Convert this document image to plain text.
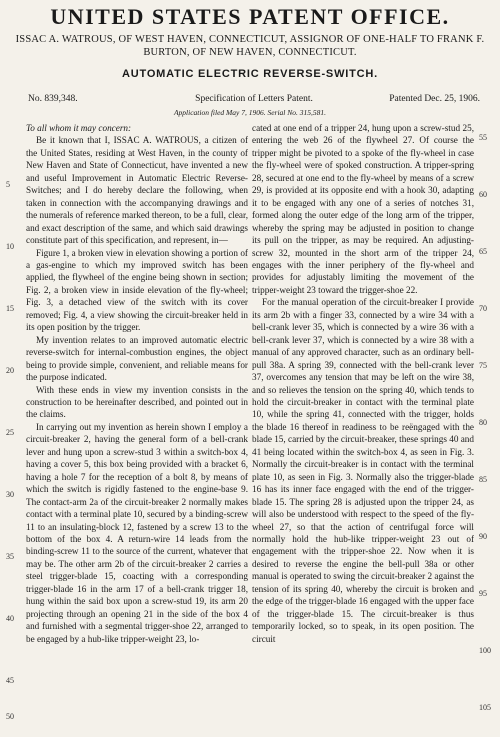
UNITED STATES PATENT OFFICE.
ISSAC A. WATROUS, OF WEST HAVEN, CONNECTICUT, ASSIGNOR OF ONE-HALF TO FRANK F. BURTON, OF NEW HAVEN, CONNECTICUT.
AUTOMATIC ELECTRIC REVERSE-SWITCH.
No. 839,348.	Specification of Letters Patent.	Patented Dec. 25, 1906.
Application filed May 7, 1906. Serial No. 315,581.

To all whom it may concern:

Be it known that I, ISSAC A. WATROUS, a citizen of the United States, residing at West Haven, in the county of New Haven and State of Connecticut, have invented a new and useful Improvement in Automatic Electric Reverse-Switches; and I do hereby declare the following, when taken in connection with the accompanying drawings and the numerals of reference marked thereon, to be a full, clear, and exact description of the same, and which said drawings constitute part of this specification, and represent, in—

Figure 1, a broken view in elevation showing a portion of a gas-engine to which my improved switch has been applied, the flywheel of the engine being shown in section; Fig. 2, a broken view in inside elevation of the fly-wheel; Fig. 3, a detached view of the switch with its cover removed; Fig. 4, a view showing the circuit-breaker held in its open position by the trigger.

My invention relates to an improved automatic electric reverse-switch for internal-combustion engines, the object being to provide simple, convenient, and reliable means for the purpose indicated.

With these ends in view my invention consists in the construction to be hereinafter described, and pointed out in the claims.

In carrying out my invention as herein shown I employ a circuit-breaker 2, having the general form of a bell-crank lever and hung upon a screw-stud 3 within a switch-box 4, having a cover 5, this box being provided with a bracket 6, having a hole 7 for the reception of a bolt 8, by means of which the switch is rigidly fastened to the engine-base 9. The contact-arm 2a of the circuit-breaker 2 normally makes contact with a terminal plate 10, secured by a binding-screw 11 to an insulating-block 12, fastened by a screw 13 to the bottom of the box 4. A return-wire 14 leads from the binding-screw 11 to the source of the current, whatever that may be. The other arm 2b of the circuit-breaker 2 carries a steel trigger-blade 15, coacting with a corresponding trigger-blade 16 in the arm 17 of a bell-crank trigger 18, hung within the said box upon a screw-stud 19, its arm 20 projecting through an opening 21 in the side of the box 4 and furnished with a segmental trigger-shoe 22, arranged to be engaged by a hub-like tripper-weight 23, lo-

cated at one end of a tripper 24, hung upon a screw-stud 25, entering the web 26 of the flywheel 27. Of course the tripper might be pivoted to a spoke of the fly-wheel in case the fly-wheel were of spoked construction. A tripper-spring 28, secured at one end to the fly-wheel by means of a screw 29, is provided at its opposite end with a hook 30, adapting it to be engaged with any one of a series of notches 31, formed along the outer edge of the long arm of the tripper, whereby the spring may be adjusted in position to change its pull on the tripper, as may be required. An adjusting-screw 32, mounted in the short arm of the tripper 24, engages with the inner periphery of the fly-wheel and provides for adjustably limiting the movement of the tripper-weight 23 toward the trigger-shoe 22.

For the manual operation of the circuit-breaker I provide its arm 2b with a finger 33, connected by a wire 34 with a bell-crank lever 35, which is connected by a wire 36 with a bell-crank lever 37, which is connected by a wire 38 with a manual of any approved character, such as an ordinary bell-pull 38a. A spring 39, connected with the bell-crank lever 37, overcomes any tension that may be left on the wire 38, and so relieves the tension on the spring 40, which tends to hold the circuit-breaker in contact with the terminal plate 10, while the spring 41, connected with the trigger, holds the blade 16 thereof in readiness to be reëngaged with the blade 15, carried by the circuit-breaker, these springs 40 and 41 being located within the switch-box 4, as seen in Fig. 3. Normally the circuit-breaker is in contact with the terminal plate 10, as seen in Fig. 3. Normally also the trigger-blade 16 has its inner face engaged with the end of the trigger-blade 15. The spring 28 is adjusted upon the tripper 24, as will also be understood with respect to the speed of the fly-wheel 27, so that the action of centrifugal force will normally hold the hub-like tripper-weight 23 out of engagement with the tripper-shoe 22. Now when it is desired to reverse the engine the bell-pull 38a or other manual is operated to swing the circuit-breaker 2 against the tension of its spring 40, whereby the circuit is broken and the edge of the trigger-blade 16 engaged with the upper face of the trigger-blade 15. The circuit-breaker is thus temporarily locked, so to speak, in its open position. The circuit

5
10
15
20
25
30
35
40
45
50
55
60
65
70
75
80
85
90
95
100
105
